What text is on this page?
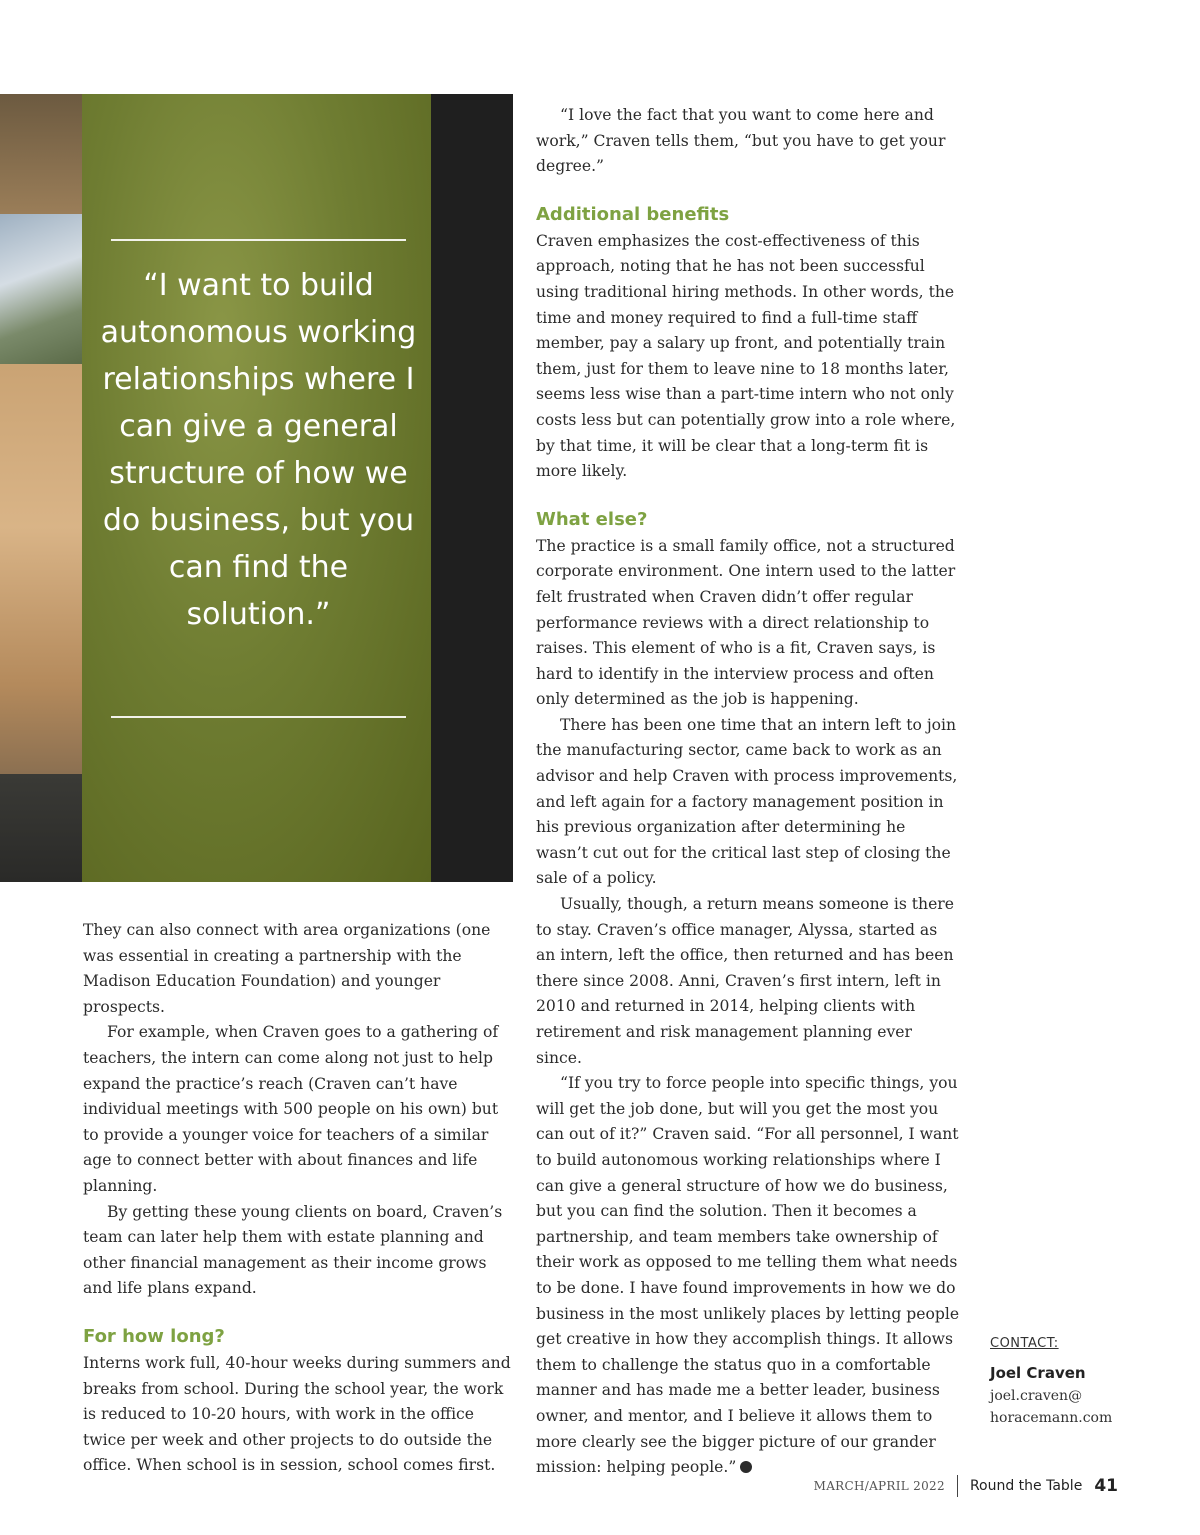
“I want to build autonomous working relationships where I can give a general structure of how we do business, but you can find the solution.”

They can also connect with area organizations (one was essential in creating a partnership with the Madison Education Foundation) and younger prospects.

For example, when Craven goes to a gathering of teachers, the intern can come along not just to help expand the practice’s reach (Craven can’t have individual meetings with 500 people on his own) but to provide a younger voice for teachers of a similar age to connect better with about finances and life planning.

By getting these young clients on board, Craven’s team can later help them with estate planning and other financial management as their income grows and life plans expand.

For how long?

Interns work full, 40-hour weeks during summers and breaks from school. During the school year, the work is reduced to 10-20 hours, with work in the office twice per week and other projects to do outside the office. When school is in session, school comes first.

“I love the fact that you want to come here and work,” Craven tells them, “but you have to get your degree.”

Additional benefits

Craven emphasizes the cost-effectiveness of this approach, noting that he has not been successful using traditional hiring methods. In other words, the time and money required to find a full-time staff member, pay a salary up front, and potentially train them, just for them to leave nine to 18 months later, seems less wise than a part-time intern who not only costs less but can potentially grow into a role where, by that time, it will be clear that a long-term fit is more likely.

What else?

The practice is a small family office, not a structured corporate environment. One intern used to the latter felt frustrated when Craven didn’t offer regular performance reviews with a direct relationship to raises. This element of who is a fit, Craven says, is hard to identify in the interview process and often only determined as the job is happening.

There has been one time that an intern left to join the manufacturing sector, came back to work as an advisor and help Craven with process improvements, and left again for a factory management position in his previous organization after determining he wasn’t cut out for the critical last step of closing the sale of a policy.

Usually, though, a return means someone is there to stay. Craven’s office manager, Alyssa, started as an intern, left the office, then returned and has been there since 2008. Anni, Craven’s first intern, left in 2010 and returned in 2014, helping clients with retirement and risk management planning ever since.

“If you try to force people into specific things, you will get the job done, but will you get the most you can out of it?” Craven said. “For all personnel, I want to build autonomous working relationships where I can give a general structure of how we do business, but you can find the solution. Then it becomes a partnership, and team members take ownership of their work as opposed to me telling them what needs to be done. I have found improvements in how we do business in the most unlikely places by letting people get creative in how they accomplish things. It allows them to challenge the status quo in a comfortable manner and has made me a better leader, business owner, and mentor, and I believe it allows them to more clearly see the bigger picture of our grander mission: helping people.”

CONTACT:
Joel Craven
joel.craven@
horacemann.com
MARCH/APRIL 2022 Round the Table 41
